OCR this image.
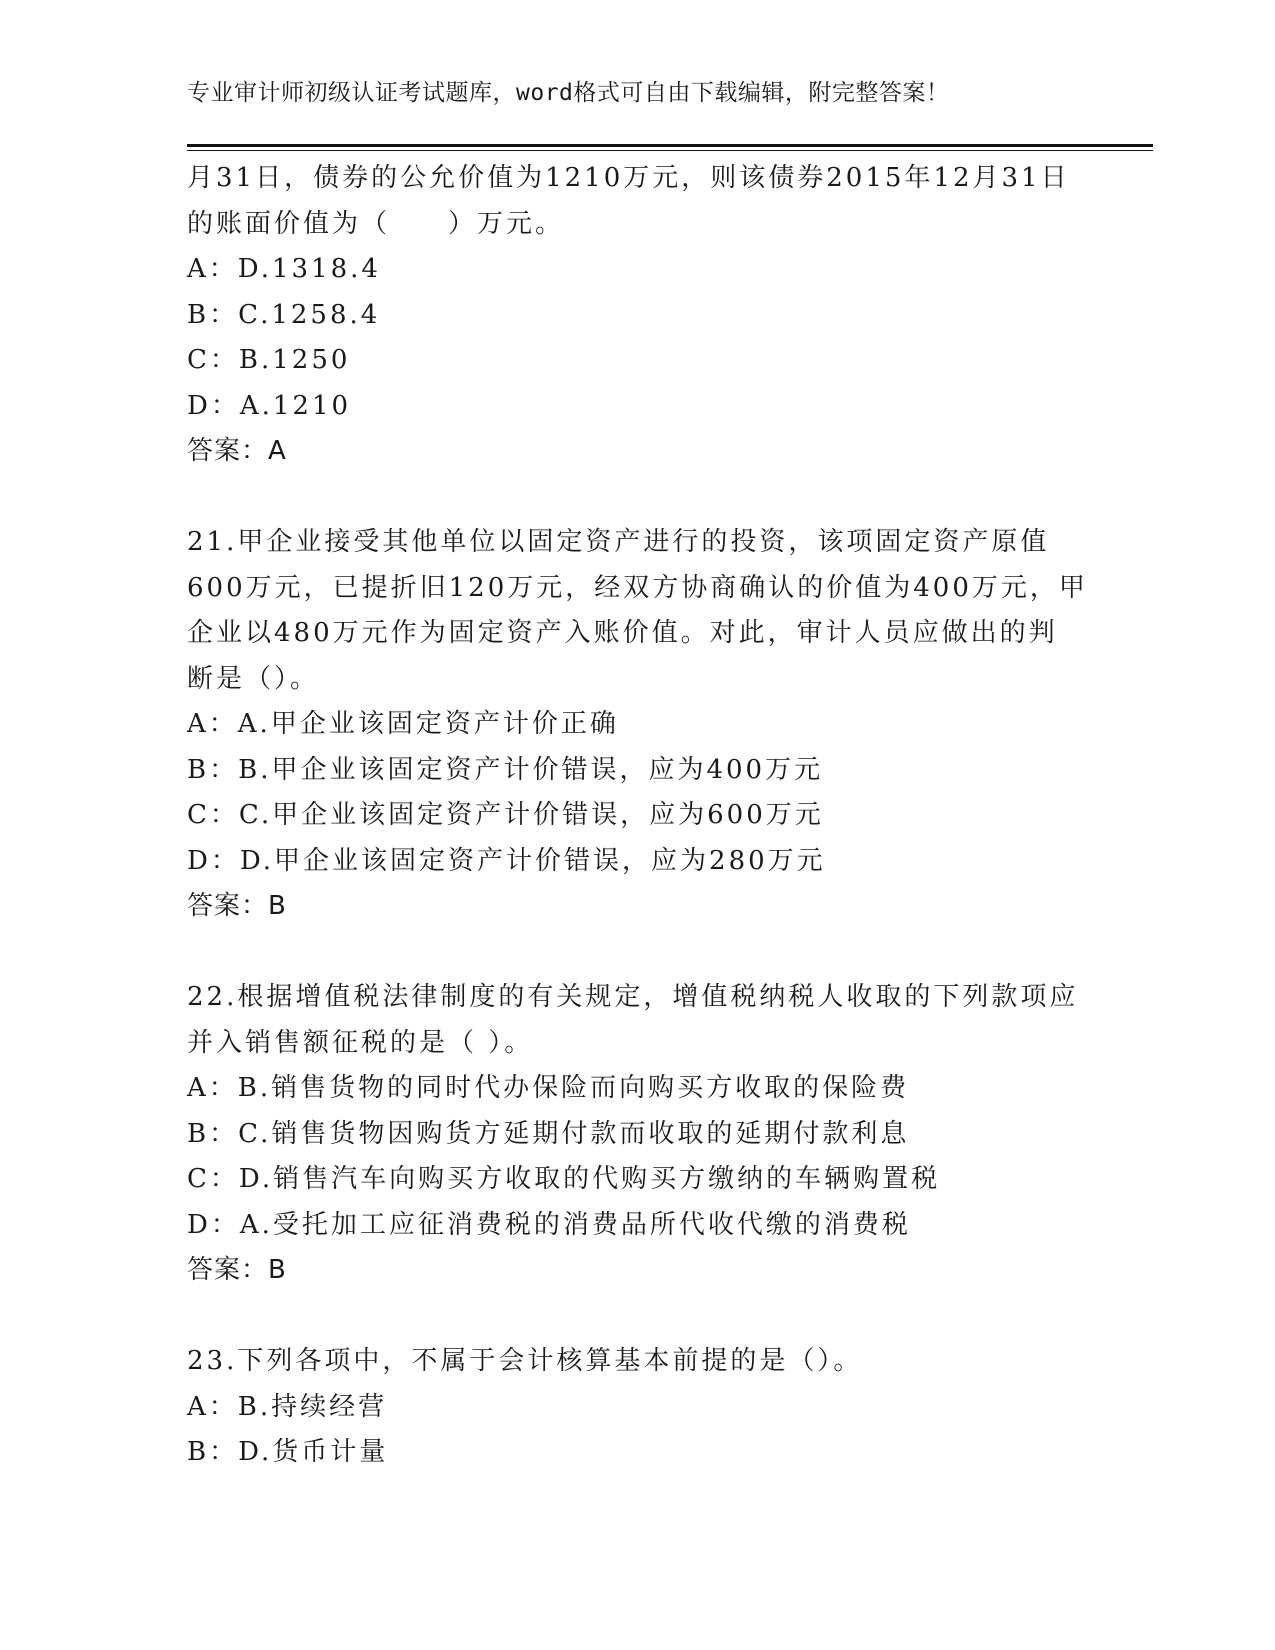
专业审计师初级认证考试题库，word格式可自由下载编辑，附完整答案！

月31日，债券的公允价值为1210万元，则该债券2015年12月31日

的账面价值为（　　）万元。

A：D.1318.4

B：C.1258.4

C：B.1250

D：A.1210

答案：A

21.甲企业接受其他单位以固定资产进行的投资，该项固定资产原值

600万元，已提折旧120万元，经双方协商确认的价值为400万元，甲

企业以480万元作为固定资产入账价值。对此，审计人员应做出的判

断是（）。

A：A.甲企业该固定资产计价正确

B：B.甲企业该固定资产计价错误，应为400万元

C：C.甲企业该固定资产计价错误，应为600万元

D：D.甲企业该固定资产计价错误，应为280万元

答案：B

22.根据增值税法律制度的有关规定，增值税纳税人收取的下列款项应

并入销售额征税的是（ ）。

A：B.销售货物的同时代办保险而向购买方收取的保险费

B：C.销售货物因购货方延期付款而收取的延期付款利息

C：D.销售汽车向购买方收取的代购买方缴纳的车辆购置税

D：A.受托加工应征消费税的消费品所代收代缴的消费税

答案：B

23.下列各项中，不属于会计核算基本前提的是（）。

A：B.持续经营

B：D.货币计量
